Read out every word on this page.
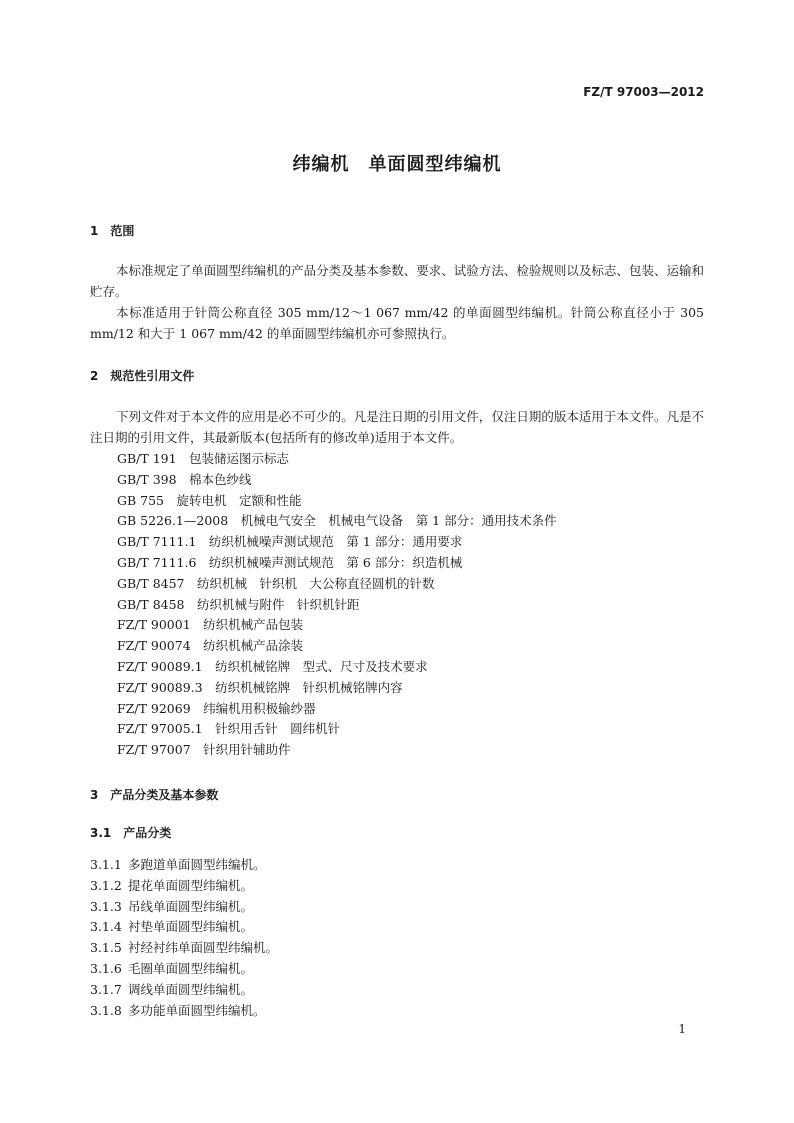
FZ/T 97003—2012
纬编机　单面圆型纬编机
1　范围

本标准规定了单面圆型纬编机的产品分类及基本参数、要求、试验方法、检验规则以及标志、包装、运输和贮存。

本标准适用于针筒公称直径 305 mm/12～1 067 mm/42 的单面圆型纬编机。针筒公称直径小于 305 mm/12 和大于 1 067 mm/42 的单面圆型纬编机亦可参照执行。

2　规范性引用文件

下列文件对于本文件的应用是必不可少的。凡是注日期的引用文件，仅注日期的版本适用于本文件。凡是不注日期的引用文件，其最新版本(包括所有的修改单)适用于本文件。

GB/T 191　包装储运图示标志
GB/T 398　棉本色纱线
GB 755　旋转电机　定额和性能
GB 5226.1—2008　机械电气安全　机械电气设备　第 1 部分：通用技术条件
GB/T 7111.1　纺织机械噪声测试规范　第 1 部分：通用要求
GB/T 7111.6　纺织机械噪声测试规范　第 6 部分：织造机械
GB/T 8457　纺织机械　针织机　大公称直径圆机的针数
GB/T 8458　纺织机械与附件　针织机针距
FZ/T 90001　纺织机械产品包装
FZ/T 90074　纺织机械产品涂装
FZ/T 90089.1　纺织机械铭牌　型式、尺寸及技术要求
FZ/T 90089.3　纺织机械铭牌　针织机械铭牌内容
FZ/T 92069　纬编机用积极输纱器
FZ/T 97005.1　针织用舌针　圆纬机针
FZ/T 97007　针织用针辅助件
3　产品分类及基本参数
3.1　产品分类
3.1.1 多跑道单面圆型纬编机。
3.1.2 提花单面圆型纬编机。
3.1.3 吊线单面圆型纬编机。
3.1.4 衬垫单面圆型纬编机。
3.1.5 衬经衬纬单面圆型纬编机。
3.1.6 毛圈单面圆型纬编机。
3.1.7 调线单面圆型纬编机。
3.1.8 多功能单面圆型纬编机。
1
